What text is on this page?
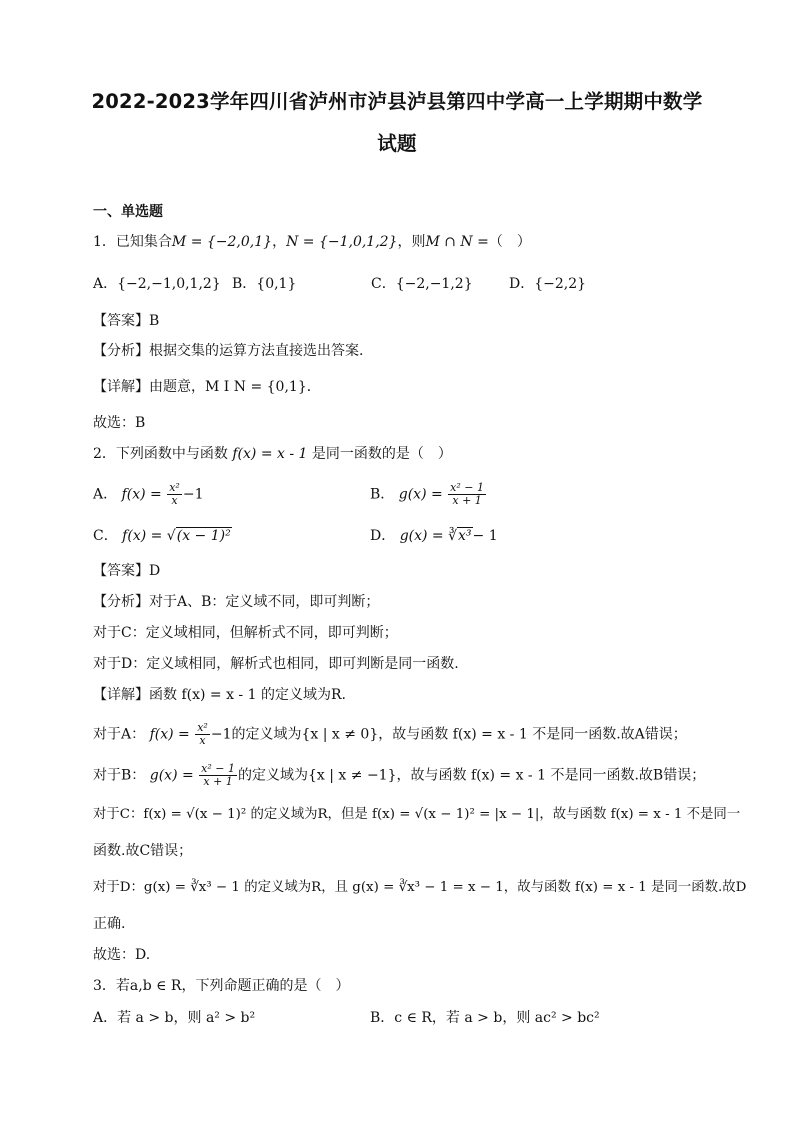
2022-2023学年四川省泸州市泸县泸县第四中学高一上学期期中数学
试题
一、单选题
1．已知集合M = {−2,0,1}，N = {−1,0,1,2}，则M ∩ N =（　）
A．{−2,−1,0,1,2} B．{0,1}	C．{−2,−1,2}	D．{−2,2}
【答案】B
【分析】根据交集的运算方法直接选出答案.
【详解】由题意，M I N = {0,1}．
故选：B
2．下列函数中与函数 f(x) = x - 1 是同一函数的是（　）
A． $f(x) = \frac{\text{x²}}{x} -1$	B． $g(x) = \frac{\text{x² − 1}}{x + 1}$
C． f(x) = √(x − 1)²	D． g(x) = ∛x³− 1
【答案】D
【分析】对于A、B：定义域不同，即可判断；
对于C：定义域相同，但解析式不同，即可判断；
对于D：定义域相同，解析式也相同，即可判断是同一函数.
【详解】函数 f(x) = x - 1 的定义域为R.
对于A： $f(x) = \frac{\text{x²}}{x} -1$的定义域为{x | x ≠ 0}，故与函数 f(x) = x - 1 不是同一函数.故A错误；
对于B： $g(x) = \frac{\text{x² − 1}}{x + 1}$ 的定义域为{x | x ≠ −1}，故与函数 f(x) = x - 1 不是同一函数.故B错误；
对于C：f(x) = √(x − 1)² 的定义域为R，但是 f(x) = √(x − 1)² = |x − 1|，故与函数 f(x) = x - 1 不是同一
函数.故C错误；
对于D：g(x) = ∛x³ − 1 的定义域为R，且 g(x) = ∛x³ − 1 = x − 1，故与函数 f(x) = x - 1 是同一函数.故D
正确.
故选：D.
3．若a,b ∈ R，下列命题正确的是（　）
A．若 a > b，则 a² > b²	B．c ∈ R，若 a > b，则 ac² > bc²
